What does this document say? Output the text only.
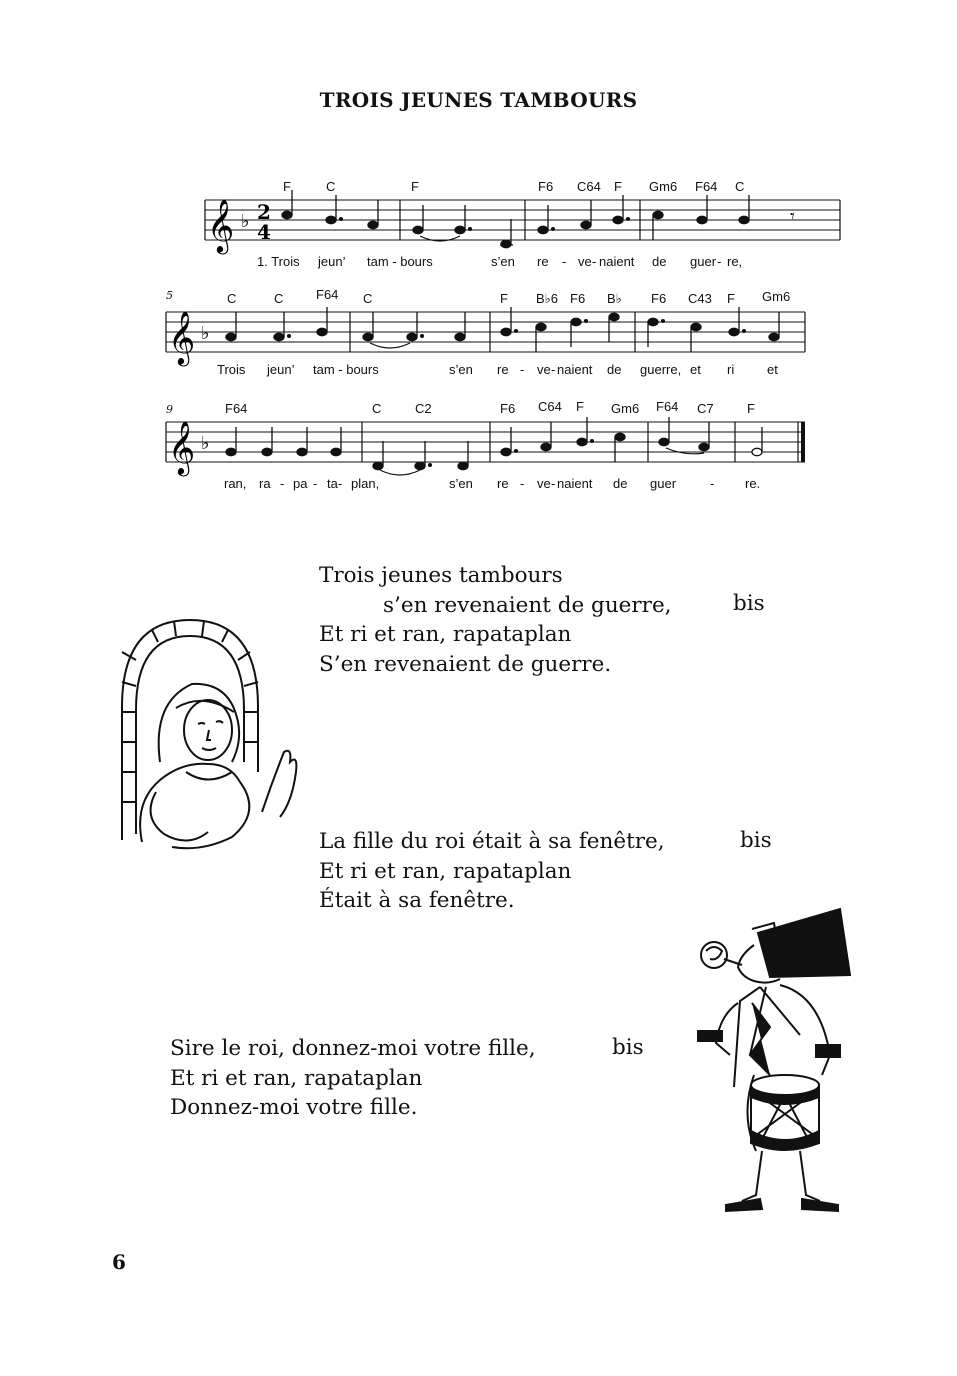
TROIS JEUNES TAMBOURS
F	C	F	F6 C64 F Gm6 F64 C
𝄞 ♭ 2
4
𝄾
1. Trois jeun’ tam - bours	s’en re - ve - naient de guer - re,
5	C	C	F64 C	F B♭6 F6 B♭ F6 C43 F Gm6
𝄞 ♭
Trois jeun’ tam - bours	s’en re - ve - naient de guerre, et ri	et
9	F64	C	C2	F6 C64 F Gm6 F64 C7	F
𝄞 ♭
ran, ra - pa - ta - plan,	s’en re - ve - naient de guer	- re.
Trois jeunes tambours
s’en revenaient de guerre,
Et ri et ran, rapataplan
S’en revenaient de guerre.
bis
La fille du roi était à sa fenêtre,
Et ri et ran, rapataplan
Était à sa fenêtre.
bis
Sire le roi, donnez-moi votre fille,
Et ri et ran, rapataplan
Donnez-moi votre fille.
bis
6
